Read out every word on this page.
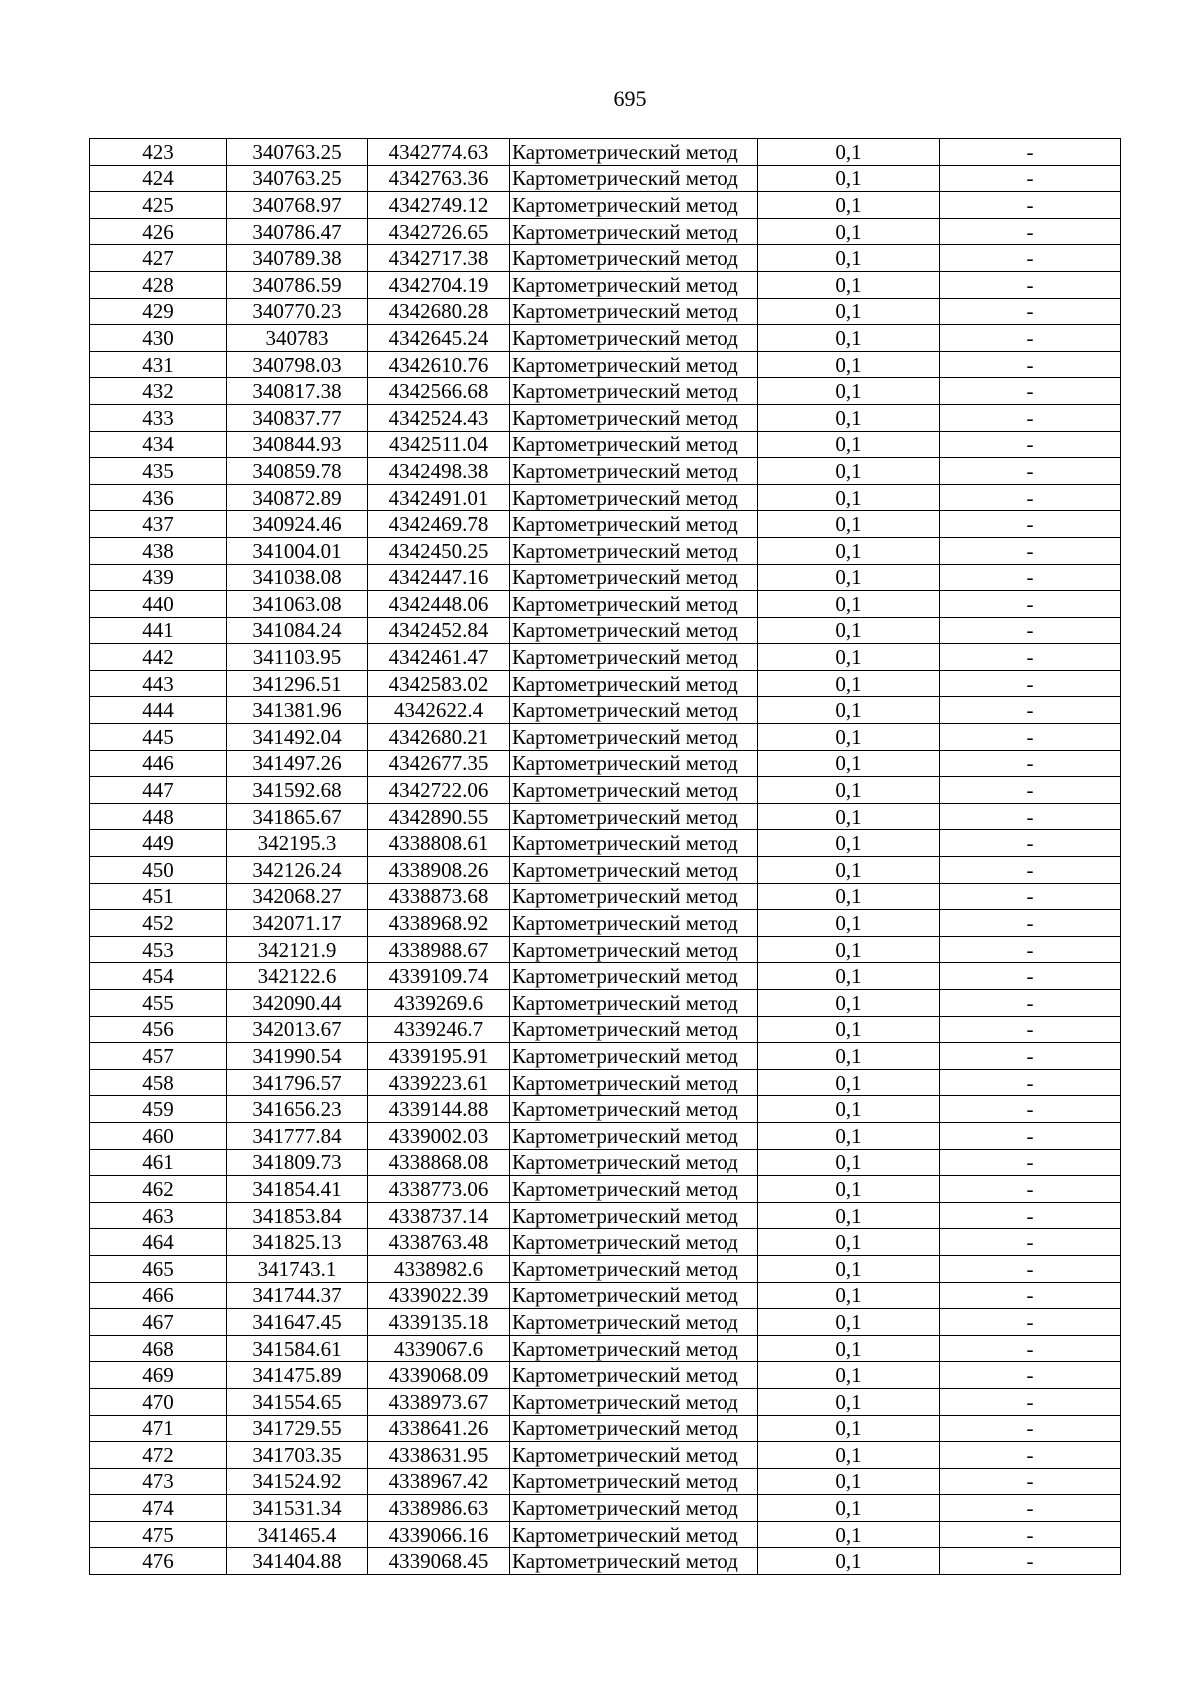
695
423	340763.25	4342774.63	Картометрический метод	0,1	-
424	340763.25	4342763.36	Картометрический метод	0,1	-
425	340768.97	4342749.12	Картометрический метод	0,1	-
426	340786.47	4342726.65	Картометрический метод	0,1	-
427	340789.38	4342717.38	Картометрический метод	0,1	-
428	340786.59	4342704.19	Картометрический метод	0,1	-
429	340770.23	4342680.28	Картометрический метод	0,1	-
430	340783	4342645.24	Картометрический метод	0,1	-
431	340798.03	4342610.76	Картометрический метод	0,1	-
432	340817.38	4342566.68	Картометрический метод	0,1	-
433	340837.77	4342524.43	Картометрический метод	0,1	-
434	340844.93	4342511.04	Картометрический метод	0,1	-
435	340859.78	4342498.38	Картометрический метод	0,1	-
436	340872.89	4342491.01	Картометрический метод	0,1	-
437	340924.46	4342469.78	Картометрический метод	0,1	-
438	341004.01	4342450.25	Картометрический метод	0,1	-
439	341038.08	4342447.16	Картометрический метод	0,1	-
440	341063.08	4342448.06	Картометрический метод	0,1	-
441	341084.24	4342452.84	Картометрический метод	0,1	-
442	341103.95	4342461.47	Картометрический метод	0,1	-
443	341296.51	4342583.02	Картометрический метод	0,1	-
444	341381.96	4342622.4	Картометрический метод	0,1	-
445	341492.04	4342680.21	Картометрический метод	0,1	-
446	341497.26	4342677.35	Картометрический метод	0,1	-
447	341592.68	4342722.06	Картометрический метод	0,1	-
448	341865.67	4342890.55	Картометрический метод	0,1	-
449	342195.3	4338808.61	Картометрический метод	0,1	-
450	342126.24	4338908.26	Картометрический метод	0,1	-
451	342068.27	4338873.68	Картометрический метод	0,1	-
452	342071.17	4338968.92	Картометрический метод	0,1	-
453	342121.9	4338988.67	Картометрический метод	0,1	-
454	342122.6	4339109.74	Картометрический метод	0,1	-
455	342090.44	4339269.6	Картометрический метод	0,1	-
456	342013.67	4339246.7	Картометрический метод	0,1	-
457	341990.54	4339195.91	Картометрический метод	0,1	-
458	341796.57	4339223.61	Картометрический метод	0,1	-
459	341656.23	4339144.88	Картометрический метод	0,1	-
460	341777.84	4339002.03	Картометрический метод	0,1	-
461	341809.73	4338868.08	Картометрический метод	0,1	-
462	341854.41	4338773.06	Картометрический метод	0,1	-
463	341853.84	4338737.14	Картометрический метод	0,1	-
464	341825.13	4338763.48	Картометрический метод	0,1	-
465	341743.1	4338982.6	Картометрический метод	0,1	-
466	341744.37	4339022.39	Картометрический метод	0,1	-
467	341647.45	4339135.18	Картометрический метод	0,1	-
468	341584.61	4339067.6	Картометрический метод	0,1	-
469	341475.89	4339068.09	Картометрический метод	0,1	-
470	341554.65	4338973.67	Картометрический метод	0,1	-
471	341729.55	4338641.26	Картометрический метод	0,1	-
472	341703.35	4338631.95	Картометрический метод	0,1	-
473	341524.92	4338967.42	Картометрический метод	0,1	-
474	341531.34	4338986.63	Картометрический метод	0,1	-
475	341465.4	4339066.16	Картометрический метод	0,1	-
476	341404.88	4339068.45	Картометрический метод	0,1	-
